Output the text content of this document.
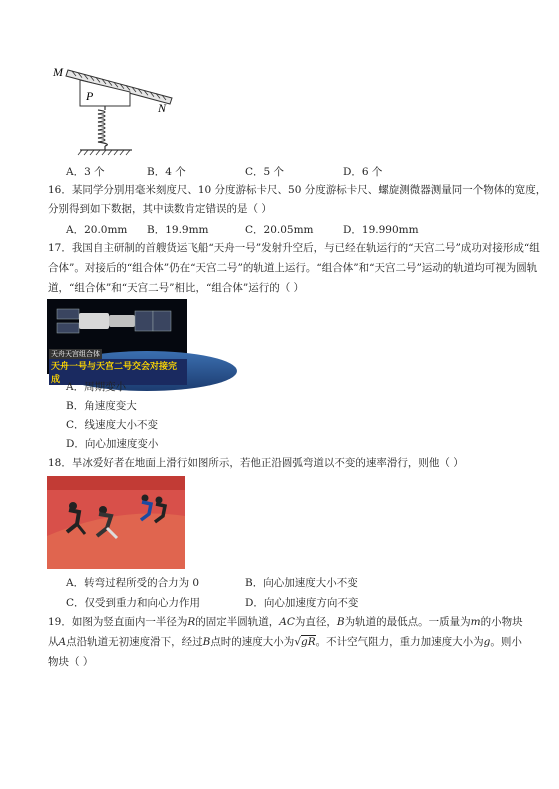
M
P
N
A．3 个	B．4 个	C．5 个	D．6 个
16．某同学分别用毫米刻度尺、10 分度游标卡尺、50 分度游标卡尺、螺旋测微器测量同一个物体的宽度，
分别得到如下数据，其中读数肯定错误的是（ ）
A．20.0mm B．19.9mm	C．20.05mm	D．19.990mm
17．我国自主研制的首艘货运飞船“天舟一号”发射升空后，与已经在轨运行的“天宫二号”成功对接形成“组
合体”。对接后的“组合体”仍在“天宫二号”的轨道上运行。“组合体”和“天宫二号”运动的轨道均可视为圆轨
道，“组合体”和“天宫二号”相比，“组合体”运行的（ ）
天舟天宫组合体
天舟一号与天宫二号交会对接完成
A．周期变小
B．角速度变大
C．线速度大小不变
D．向心加速度变小
18．旱冰爱好者在地面上滑行如图所示，若他正沿圆弧弯道以不变的速率滑行，则他（ ）
A．转弯过程所受的合力为 0	B．向心加速度大小不变
C．仅受到重力和向心力作用	D．向心加速度方向不变
19．如图为竖直面内一半径为R的固定半圆轨道，AC为直径，B为轨道的最低点。一质量为m的小物块
从A点沿轨道无初速度滑下，经过B点时的速度大小为√gR。不计空气阻力，重力加速度大小为g。则小
物块（ ）
